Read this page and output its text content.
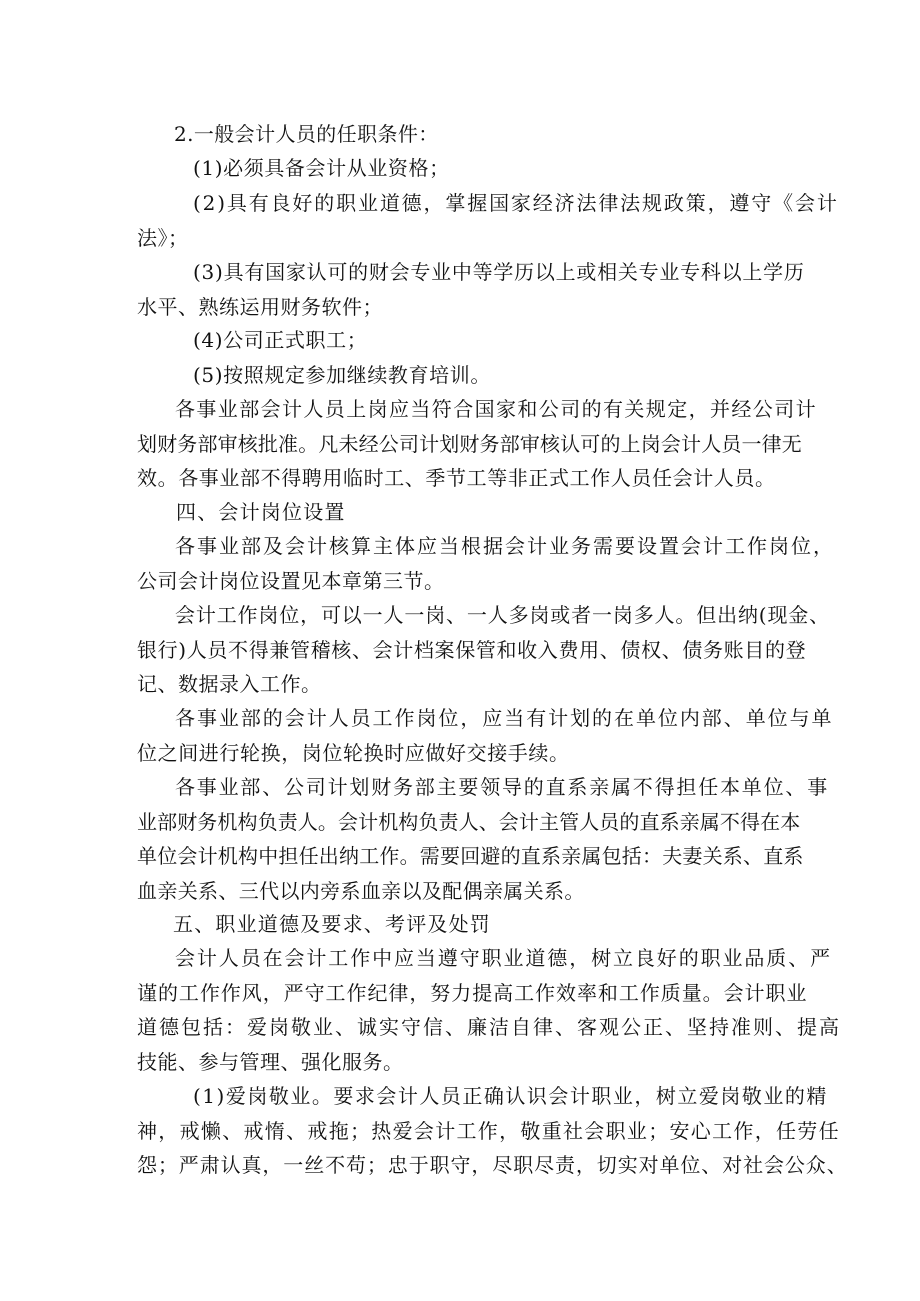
2.一般会计人员的任职条件：
(1)必须具备会计从业资格；
(2)具有良好的职业道德，掌握国家经济法律法规政策，遵守《会计
法》；
(3)具有国家认可的财会专业中等学历以上或相关专业专科以上学历
水平、熟练运用财务软件；
(4)公司正式职工；
(5)按照规定参加继续教育培训。
各事业部会计人员上岗应当符合国家和公司的有关规定，并经公司计
划财务部审核批准。凡未经公司计划财务部审核认可的上岗会计人员一律无
效。各事业部不得聘用临时工、季节工等非正式工作人员任会计人员。
四、会计岗位设置
各事业部及会计核算主体应当根据会计业务需要设置会计工作岗位，
公司会计岗位设置见本章第三节。
会计工作岗位，可以一人一岗、一人多岗或者一岗多人。但出纳(现金、
银行)人员不得兼管稽核、会计档案保管和收入费用、债权、债务账目的登
记、数据录入工作。
各事业部的会计人员工作岗位，应当有计划的在单位内部、单位与单
位之间进行轮换，岗位轮换时应做好交接手续。
各事业部、公司计划财务部主要领导的直系亲属不得担任本单位、事
业部财务机构负责人。会计机构负责人、会计主管人员的直系亲属不得在本
单位会计机构中担任出纳工作。需要回避的直系亲属包括：夫妻关系、直系
血亲关系、三代以内旁系血亲以及配偶亲属关系。
五、职业道德及要求、考评及处罚
会计人员在会计工作中应当遵守职业道德，树立良好的职业品质、严
谨的工作作风，严守工作纪律，努力提高工作效率和工作质量。会计职业
道德包括：爱岗敬业、诚实守信、廉洁自律、客观公正、坚持准则、提高
技能、参与管理、强化服务。
(1)爱岗敬业。要求会计人员正确认识会计职业，树立爱岗敬业的精
神，戒懒、戒惰、戒拖；热爱会计工作，敬重社会职业；安心工作，任劳任
怨；严肃认真，一丝不苟；忠于职守，尽职尽责，切实对单位、对社会公众、
